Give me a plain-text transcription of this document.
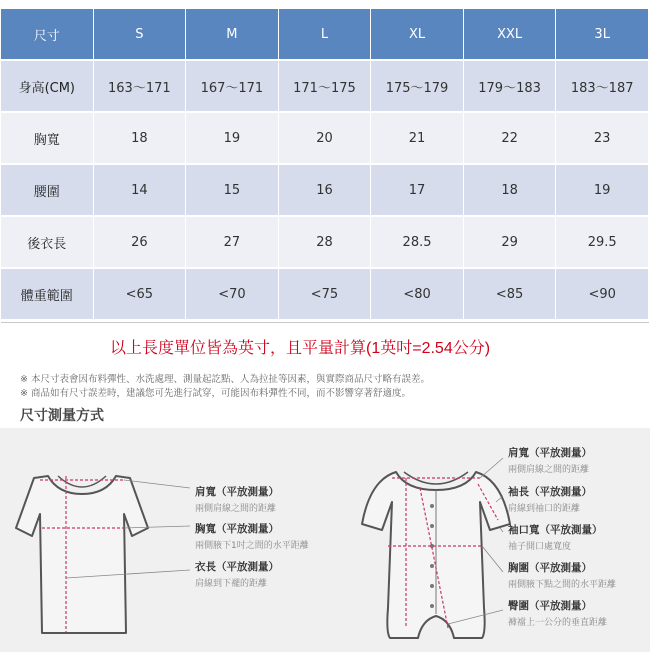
尺寸	S	M	L	XL	XXL	3L
身高(CM)	163～171	167～171	171～175	175～179	179～183	183～187
胸寬	18	19	20	21	22	23
腰圍	14	15	16	17	18	19
後衣長	26	27	28	28.5	29	29.5
體重範圍	<65	<70	<75	<80	<85	<90
以上長度單位皆為英寸，且平量計算(1英吋=2.54公分)
※ 本尺寸表會因布料彈性、水洗處理、測量起訖點、人為拉扯等因素，與實際商品尺寸略有誤差。
※ 商品如有尺寸誤差時，建議您可先進行試穿，可能因布料彈性不同，而不影響穿著舒適度。
尺寸測量方式
肩寬（平放測量）
兩側肩線之間的距離
胸寬（平放測量）
兩側腋下1吋之間的水平距離
衣長（平放測量）
肩線到下襬的距離
肩寬（平放測量）
兩側肩線之間的距離
袖長（平放測量）
肩線到袖口的距離
袖口寬（平放測量）
袖子開口處寬度
胸圍（平放測量）
兩側腋下點之間的水平距離
臀圍（平放測量）
褲襠上一公分的垂直距離
